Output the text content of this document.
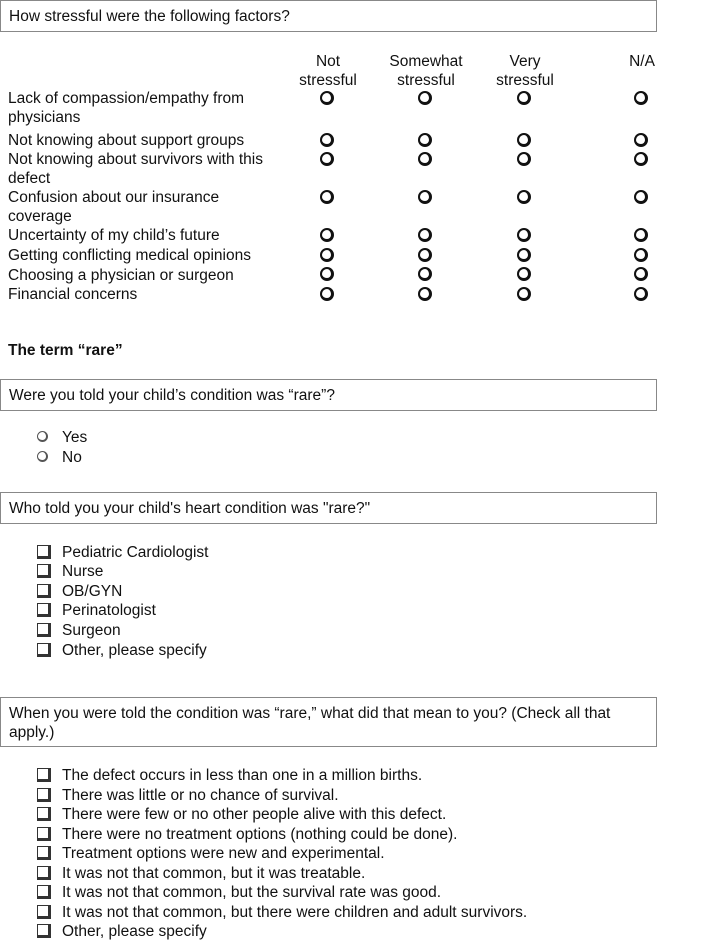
How stressful were the following factors?
Not
stressful
Somewhat
stressful
Very
stressful
N/A
Lack of compassion/empathy from physicians
Not knowing about support groups
Not knowing about survivors with this defect
Confusion about our insurance coverage
Uncertainty of my child’s future
Getting conflicting medical opinions
Choosing a physician or surgeon
Financial concerns
The term “rare”
Were you told your child’s condition was “rare”?
Yes
No
Who told you your child's heart condition was "rare?"
Pediatric Cardiologist
Nurse
OB/GYN
Perinatologist
Surgeon
Other, please specify
When you were told the condition was “rare,” what did that mean to you? (Check all that apply.)
The defect occurs in less than one in a million births.
There was little or no chance of survival.
There were few or no other people alive with this defect.
There were no treatment options (nothing could be done).
Treatment options were new and experimental.
It was not that common, but it was treatable.
It was not that common, but the survival rate was good.
It was not that common, but there were children and adult survivors.
Other, please specify
